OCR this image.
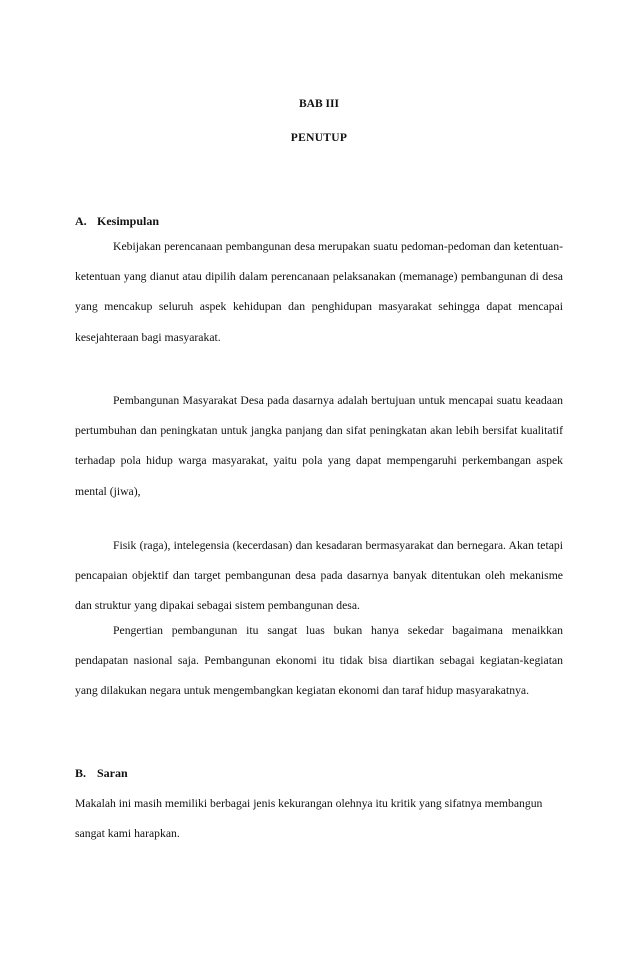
BAB III
PENUTUP
A. Kesimpulan

Kebijakan perencanaan pembangunan desa merupakan suatu pedoman-pedoman dan ketentuan-ketentuan yang dianut atau dipilih dalam perencanaan pelaksanakan (memanage) pembangunan di desa yang mencakup seluruh aspek kehidupan dan penghidupan masyarakat sehingga dapat mencapai kesejahteraan bagi masyarakat.

Pembangunan Masyarakat Desa pada dasarnya adalah bertujuan untuk mencapai suatu keadaan pertumbuhan dan peningkatan untuk jangka panjang dan sifat peningkatan akan lebih bersifat kualitatif terhadap pola hidup warga masyarakat, yaitu pola yang dapat mempengaruhi perkembangan aspek mental (jiwa),

Fisik (raga), intelegensia (kecerdasan) dan kesadaran bermasyarakat dan bernegara. Akan tetapi pencapaian objektif dan target pembangunan desa pada dasarnya banyak ditentukan oleh mekanisme dan struktur yang dipakai sebagai sistem pembangunan desa.

Pengertian pembangunan itu sangat luas bukan hanya sekedar bagaimana menaikkan pendapatan nasional saja. Pembangunan ekonomi itu tidak bisa diartikan sebagai kegiatan-kegiatan yang dilakukan negara untuk mengembangkan kegiatan ekonomi dan taraf hidup masyarakatnya.

B. Saran

Makalah ini masih memiliki berbagai jenis kekurangan olehnya itu kritik yang sifatnya membangun sangat kami harapkan.
